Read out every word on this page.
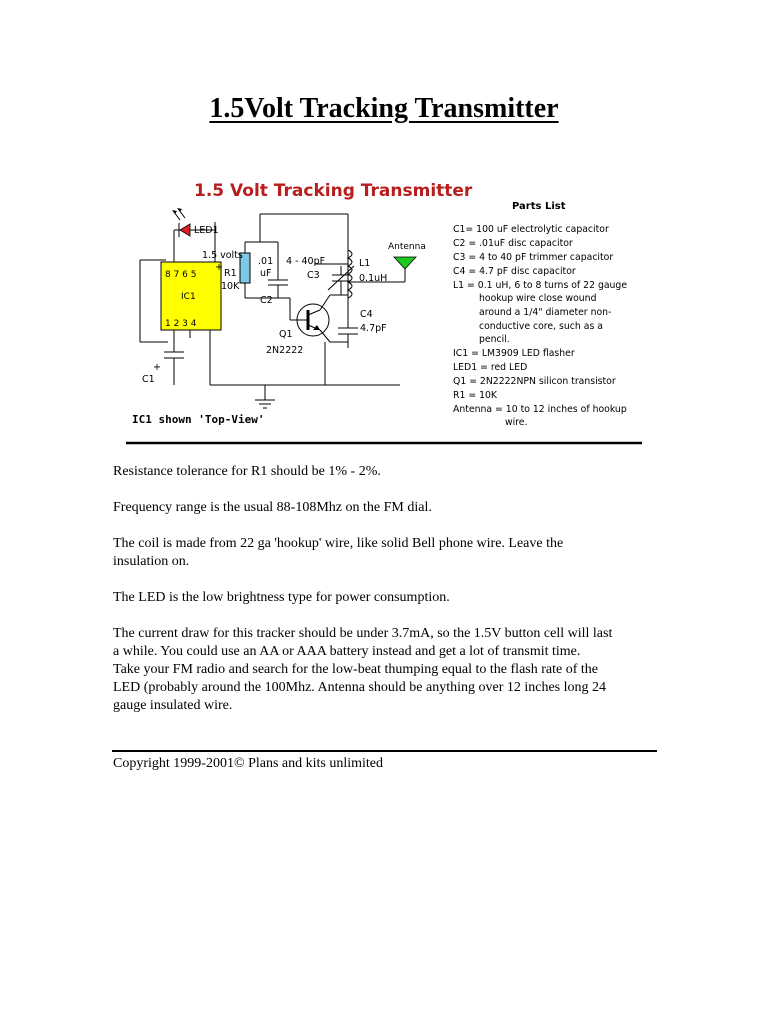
1.5Volt Tracking Transmitter
1.5 Volt Tracking Transmitter
Parts List
C1= 100 uF electrolytic capacitor
C2 = .01uF disc capacitor
C3 = 4 to 40 pF trimmer capacitor
C4 = 4.7 pF disc capacitor
L1 = 0.1 uH, 6 to 8 turns of 22 gauge
hookup wire close wound
around a 1/4" diameter non-
conductive core, such as a
pencil.
IC1 = LM3909 LED flasher
LED1 = red LED
Q1 = 2N2222NPN silicon transistor
R1 = 10K
Antenna = 10 to 12 inches of hookup
wire.
LED1
1.5 volts
+
8 7 6 5
IC1
1 2 3 4
R1
10K
.01
uF
C2
4 - 40pF
C3
L1
0.1uH
Antenna
C4
4.7pF
Q1
2N2222
C1
+
IC1 shown 'Top-View'

Resistance tolerance for R1 should be 1% - 2%.

Frequency range is the usual 88-108Mhz on the FM dial.

The coil is made from 22 ga 'hookup' wire, like solid Bell phone wire. Leave the
insulation on.

The LED is the low brightness type for power consumption.

The current draw for this tracker should be under 3.7mA, so the 1.5V button cell will last
a while. You could use an AA or AAA battery instead and get a lot of transmit time.
Take your FM radio and search for the low-beat thumping equal to the flash rate of the
LED (probably around the 100Mhz. Antenna should be anything over 12 inches long 24
gauge insulated wire.

Copyright 1999-2001© Plans and kits unlimited
